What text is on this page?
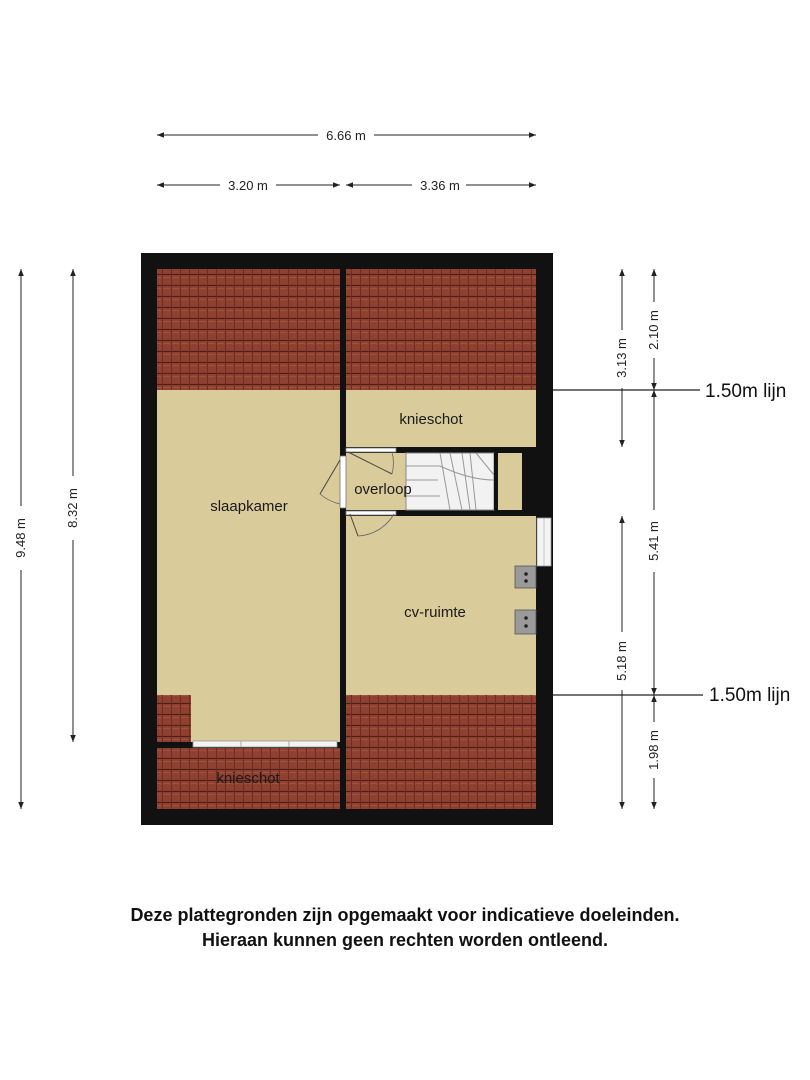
slaapkamer
overloop
knieschot
cv-ruimte
knieschot
6.66 m
3.20 m	3.36 m
9.48 m
8.32 m
3.13 m
2.10 m
5.41 m
5.18 m
1.98 m
1.50m lijn
1.50m lijn
Deze plattegronden zijn opgemaakt voor indicatieve doeleinden.
Hieraan kunnen geen rechten worden ontleend.
